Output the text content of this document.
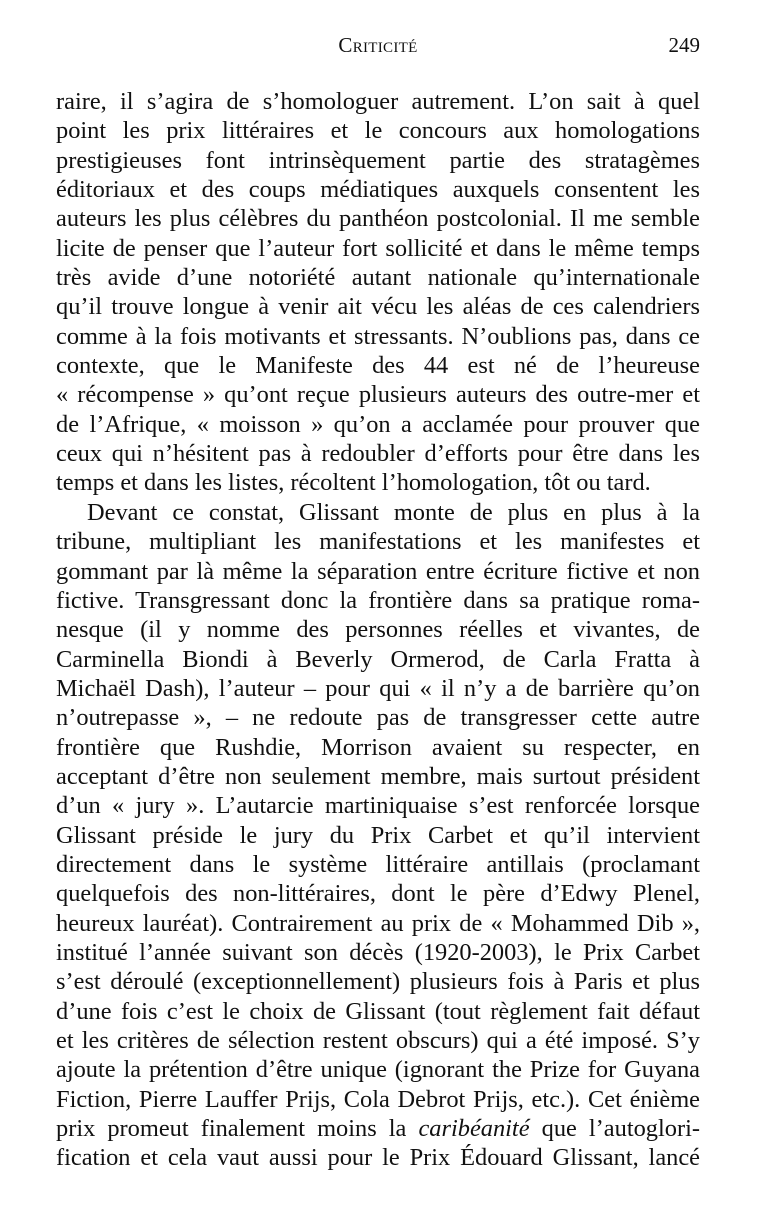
Criticité	249
raire, il s’agira de s’homologuer autrement. L’on sait à quel
point les prix littéraires et le concours aux homologations
prestigieuses font intrinsèquement partie des stratagèmes
éditoriaux et des coups médiatiques auxquels consentent les
auteurs les plus célèbres du panthéon postcolonial. Il me semble
licite de penser que l’auteur fort sollicité et dans le même temps
très avide d’une notoriété autant nationale qu’internationale
qu’il trouve longue à venir ait vécu les aléas de ces calendriers
comme à la fois motivants et stressants. N’oublions pas, dans ce
contexte, que le Manifeste des 44 est né de l’heureuse
« récompense » qu’ont reçue plusieurs auteurs des outre-mer et
de l’Afrique, « moisson » qu’on a acclamée pour prouver que
ceux qui n’hésitent pas à redoubler d’efforts pour être dans les
temps et dans les listes, récoltent l’homologation, tôt ou tard.
Devant ce constat, Glissant monte de plus en plus à la
tribune, multipliant les manifestations et les manifestes et
gommant par là même la séparation entre écriture fictive et non
fictive. Transgressant donc la frontière dans sa pratique roma-
nesque (il y nomme des personnes réelles et vivantes, de
Carminella Biondi à Beverly Ormerod, de Carla Fratta à
Michaël Dash), l’auteur – pour qui « il n’y a de barrière qu’on
n’outrepasse », – ne redoute pas de transgresser cette autre
frontière que Rushdie, Morrison avaient su respecter, en
acceptant d’être non seulement membre, mais surtout président
d’un « jury ». L’autarcie martiniquaise s’est renforcée lorsque
Glissant préside le jury du Prix Carbet et qu’il intervient
directement dans le système littéraire antillais (proclamant
quelquefois des non-littéraires, dont le père d’Edwy Plenel,
heureux lauréat). Contrairement au prix de « Mohammed Dib »,
institué l’année suivant son décès (1920-2003), le Prix Carbet
s’est déroulé (exceptionnellement) plusieurs fois à Paris et plus
d’une fois c’est le choix de Glissant (tout règlement fait défaut
et les critères de sélection restent obscurs) qui a été imposé. S’y
ajoute la prétention d’être unique (ignorant the Prize for Guyana
Fiction, Pierre Lauffer Prijs, Cola Debrot Prijs, etc.). Cet énième
prix promeut finalement moins la caribéanité que l’autoglori-
fication et cela vaut aussi pour le Prix Édouard Glissant, lancé
